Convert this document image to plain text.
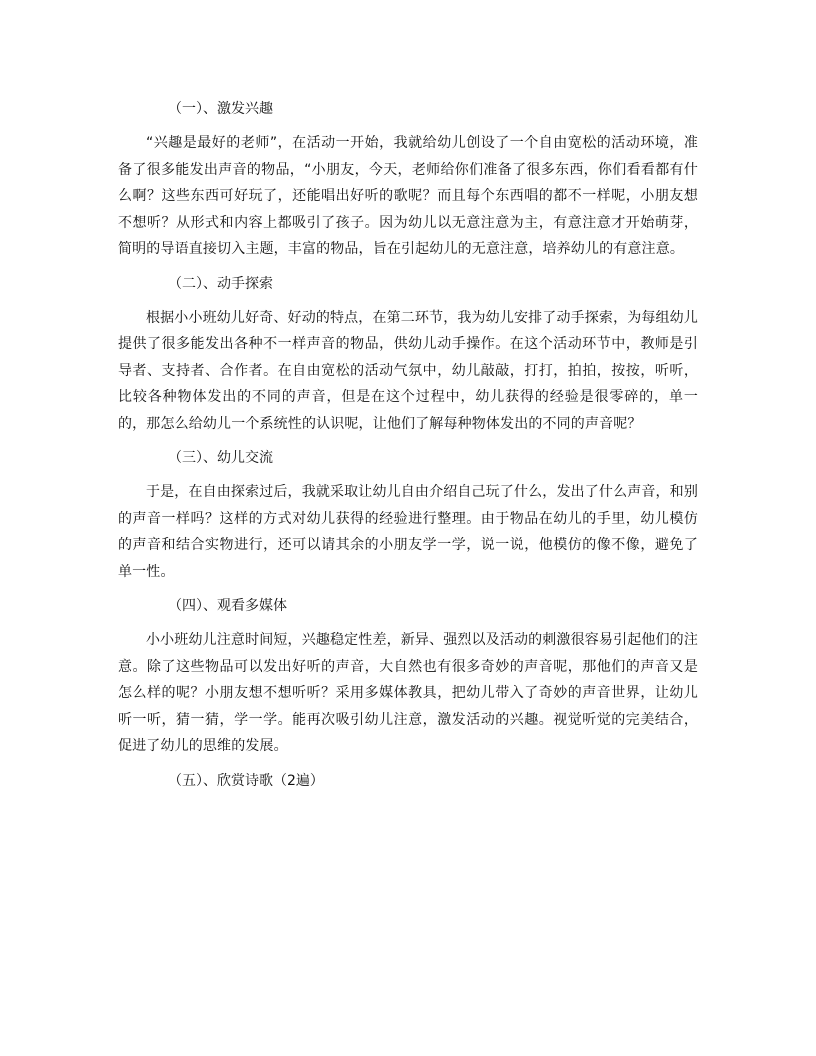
（一）、激发兴趣

“兴趣是最好的老师”，在活动一开始，我就给幼儿创设了一个自由宽松的活动环境，准备了很多能发出声音的物品，“小朋友，今天，老师给你们准备了很多东西，你们看看都有什么啊？这些东西可好玩了，还能唱出好听的歌呢？而且每个东西唱的都不一样呢，小朋友想不想听？从形式和内容上都吸引了孩子。因为幼儿以无意注意为主，有意注意才开始萌芽，简明的导语直接切入主题，丰富的物品，旨在引起幼儿的无意注意，培养幼儿的有意注意。

（二）、动手探索

根据小小班幼儿好奇、好动的特点，在第二环节，我为幼儿安排了动手探索，为每组幼儿提供了很多能发出各种不一样声音的物品，供幼儿动手操作。在这个活动环节中，教师是引导者、支持者、合作者。在自由宽松的活动气氛中，幼儿敲敲，打打，拍拍，按按，听听，比较各种物体发出的不同的声音，但是在这个过程中，幼儿获得的经验是很零碎的，单一的，那怎么给幼儿一个系统性的认识呢，让他们了解每种物体发出的不同的声音呢？

（三）、幼儿交流

于是，在自由探索过后，我就采取让幼儿自由介绍自己玩了什么，发出了什么声音，和别的声音一样吗？这样的方式对幼儿获得的经验进行整理。由于物品在幼儿的手里，幼儿模仿的声音和结合实物进行，还可以请其余的小朋友学一学，说一说，他模仿的像不像，避免了单一性。

（四）、观看多媒体

小小班幼儿注意时间短，兴趣稳定性差，新异、强烈以及活动的刺激很容易引起他们的注意。除了这些物品可以发出好听的声音，大自然也有很多奇妙的声音呢，那他们的声音又是怎么样的呢？小朋友想不想听听？采用多媒体教具，把幼儿带入了奇妙的声音世界，让幼儿听一听，猜一猜，学一学。能再次吸引幼儿注意，激发活动的兴趣。视觉听觉的完美结合，促进了幼儿的思维的发展。

（五）、欣赏诗歌（2遍）
